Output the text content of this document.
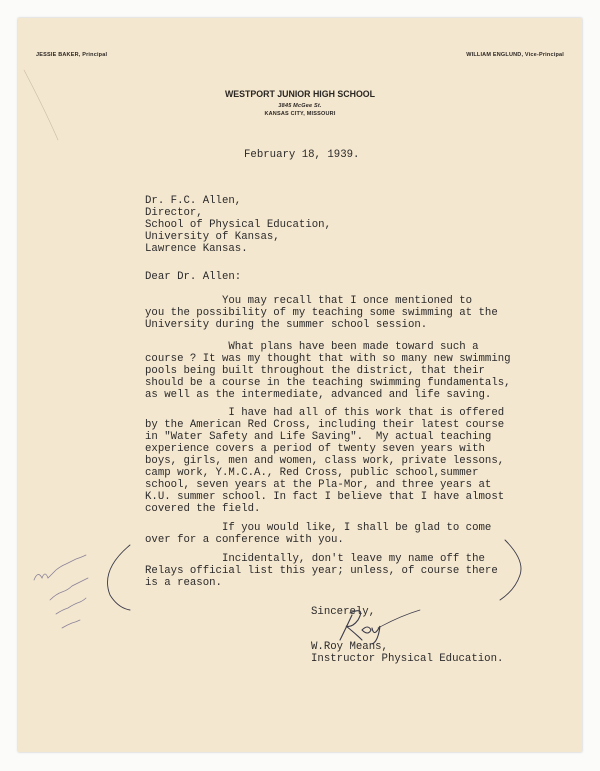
JESSIE BAKER, Principal	WILLIAM ENGLUND, Vice-Principal
WESTPORT JUNIOR HIGH SCHOOL
3845 McGee St.
KANSAS CITY, MISSOURI
February 18, 1939.
Dr. F.C. Allen,
Director,
School of Physical Education,
University of Kansas,
Lawrence Kansas.
Dear Dr. Allen:
You may recall that I once mentioned to
you the possibility of my teaching some swimming at the
University during the summer school session.
What plans have been made toward such a
course ? It was my thought that with so many new swimming
pools being built throughout the district, that their
should be a course in the teaching swimming fundamentals,
as well as the intermediate, advanced and life saving.
I have had all of this work that is offered
by the American Red Cross, including their latest course
in "Water Safety and Life Saving".  My actual teaching
experience covers a period of twenty seven years with
boys, girls, men and women, class work, private lessons,
camp work, Y.M.C.A., Red Cross, public school,summer
school, seven years at the Pla-Mor, and three years at
K.U. summer school. In fact I believe that I have almost
covered the field.
If you would like, I shall be glad to come
over for a conference with you.
Incidentally, don't leave my name off the
Relays official list this year; unless, of course there
is a reason.
Sincerely,
W.Roy Means,
Instructor Physical Education.
